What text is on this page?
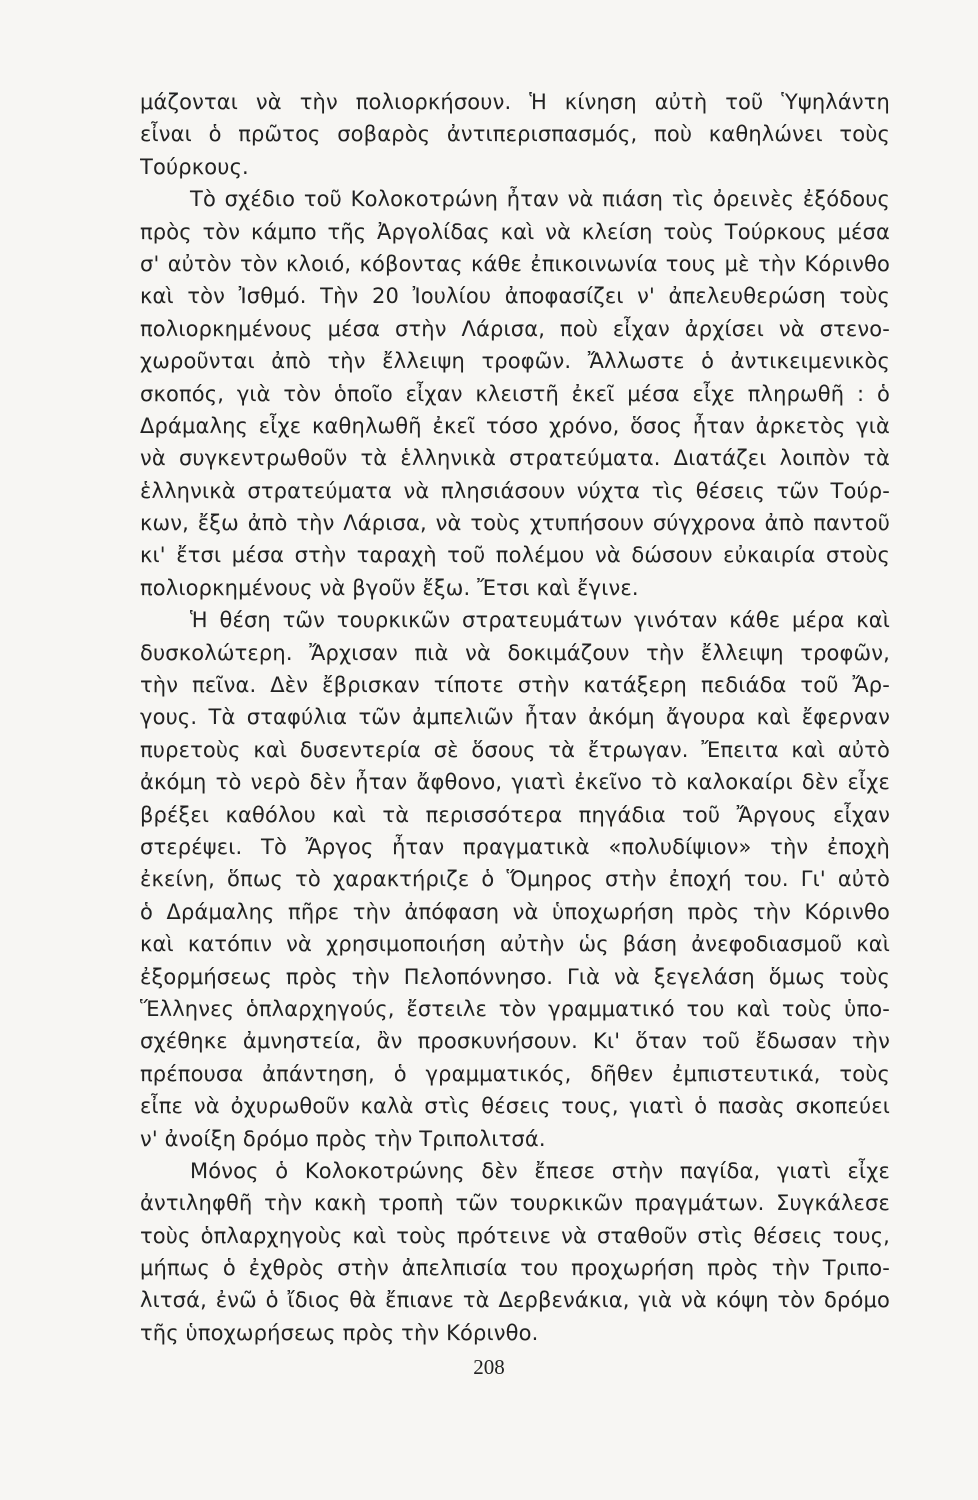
μάζονται νὰ τὴν πολιορκήσουν. Ἡ κίνηση αὐτὴ τοῦ Ὑψηλάντη
εἶναι ὁ πρῶτος σοβαρὸς ἀντιπερισπασμός, ποὺ καθηλώνει τοὺς
Τούρκους.
Τὸ σχέδιο τοῦ Κολοκοτρώνη ἦταν νὰ πιάση τὶς ὀρεινὲς ἐξόδους
πρὸς τὸν κάμπο τῆς Ἀργολίδας καὶ νὰ κλείση τοὺς Τούρκους μέσα
σ' αὐτὸν τὸν κλοιό, κόβοντας κάθε ἐπικοινωνία τους μὲ τὴν Κόρινθο
καὶ τὸν Ἰσθμό. Τὴν 20 Ἰουλίου ἀποφασίζει ν' ἀπελευθερώση τοὺς
πολιορκημένους μέσα στὴν Λάρισα, ποὺ εἶχαν ἀρχίσει νὰ στενο-
χωροῦνται ἀπὸ τὴν ἔλλειψη τροφῶν. Ἄλλωστε ὁ ἀντικειμενικὸς
σκοπός, γιὰ τὸν ὁποῖο εἶχαν κλειστῆ ἐκεῖ μέσα εἶχε πληρωθῆ : ὁ
Δράμαλης εἶχε καθηλωθῆ ἐκεῖ τόσο χρόνο, ὅσος ἦταν ἀρκετὸς γιὰ
νὰ συγκεντρωθοῦν τὰ ἑλληνικὰ στρατεύματα. Διατάζει λοιπὸν τὰ
ἑλληνικὰ στρατεύματα νὰ πλησιάσουν νύχτα τὶς θέσεις τῶν Τούρ-
κων, ἔξω ἀπὸ τὴν Λάρισα, νὰ τοὺς χτυπήσουν σύγχρονα ἀπὸ παντοῦ
κι' ἔτσι μέσα στὴν ταραχὴ τοῦ πολέμου νὰ δώσουν εὐκαιρία στοὺς
πολιορκημένους νὰ βγοῦν ἔξω. Ἔτσι καὶ ἔγινε.
Ἡ θέση τῶν τουρκικῶν στρατευμάτων γινόταν κάθε μέρα καὶ
δυσκολώτερη. Ἄρχισαν πιὰ νὰ δοκιμάζουν τὴν ἔλλειψη τροφῶν,
τὴν πεῖνα. Δὲν ἔβρισκαν τίποτε στὴν κατάξερη πεδιάδα τοῦ Ἄρ-
γους. Τὰ σταφύλια τῶν ἀμπελιῶν ἦταν ἀκόμη ἄγουρα καὶ ἔφερναν
πυρετοὺς καὶ δυσεντερία σὲ ὅσους τὰ ἔτρωγαν. Ἔπειτα καὶ αὐτὸ
ἀκόμη τὸ νερὸ δὲν ἦταν ἄφθονο, γιατὶ ἐκεῖνο τὸ καλοκαίρι δὲν εἶχε
βρέξει καθόλου καὶ τὰ περισσότερα πηγάδια τοῦ Ἄργους εἶχαν
στερέψει. Τὸ Ἄργος ἦταν πραγματικὰ «πολυδίψιον» τὴν ἐποχὴ
ἐκείνη, ὅπως τὸ χαρακτήριζε ὁ Ὅμηρος στὴν ἐποχή του. Γι' αὐτὸ
ὁ Δράμαλης πῆρε τὴν ἀπόφαση νὰ ὑποχωρήση πρὸς τὴν Κόρινθο
καὶ κατόπιν νὰ χρησιμοποιήση αὐτὴν ὡς βάση ἀνεφοδιασμοῦ καὶ
ἐξορμήσεως πρὸς τὴν Πελοπόννησο. Γιὰ νὰ ξεγελάση ὅμως τοὺς
Ἕλληνες ὁπλαρχηγούς, ἔστειλε τὸν γραμματικό του καὶ τοὺς ὑπο-
σχέθηκε ἀμνηστεία, ἂν προσκυνήσουν. Κι' ὅταν τοῦ ἔδωσαν τὴν
πρέπουσα ἀπάντηση, ὁ γραμματικός, δῆθεν ἐμπιστευτικά, τοὺς
εἶπε νὰ ὀχυρωθοῦν καλὰ στὶς θέσεις τους, γιατὶ ὁ πασὰς σκοπεύει
ν' ἀνοίξη δρόμο πρὸς τὴν Τριπολιτσά.
Μόνος ὁ Κολοκοτρώνης δὲν ἔπεσε στὴν παγίδα, γιατὶ εἶχε
ἀντιληφθῆ τὴν κακὴ τροπὴ τῶν τουρκικῶν πραγμάτων. Συγκάλεσε
τοὺς ὁπλαρχηγοὺς καὶ τοὺς πρότεινε νὰ σταθοῦν στὶς θέσεις τους,
μήπως ὁ ἐχθρὸς στὴν ἀπελπισία του προχωρήση πρὸς τὴν Τριπο-
λιτσά, ἐνῶ ὁ ἴδιος θὰ ἔπιανε τὰ Δερβενάκια, γιὰ νὰ κόψη τὸν δρόμο
τῆς ὑποχωρήσεως πρὸς τὴν Κόρινθο.
208
